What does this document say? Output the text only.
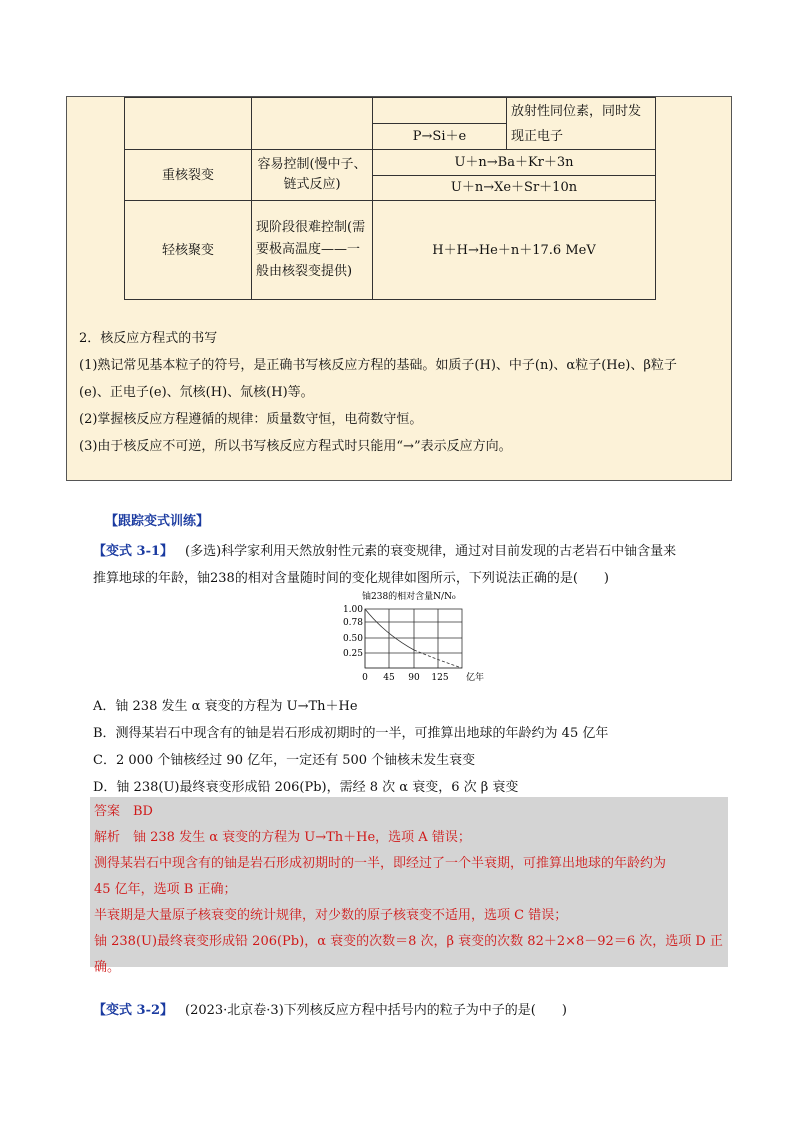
			放射性同位素，同时发
现正电子

		P→Si＋e	
重核裂变	容易控制(慢中子、链式反应)	U＋n→Ba＋Kr＋3n	
		U＋n→Xe＋Sr＋10n	
轻核聚变	现阶段很难控制(需要极高温度——一般由核裂变提供)	H＋H→He＋n＋17.6 MeV	
2．核反应方程式的书写
(1)熟记常见基本粒子的符号，是正确书写核反应方程的基础。如质子(H)、中子(n)、α粒子(He)、β粒子
(e)、正电子(e)、氘核(H)、氚核(H)等。
(2)掌握核反应方程遵循的规律：质量数守恒，电荷数守恒。
(3)由于核反应不可逆，所以书写核反应方程式时只能用“→”表示反应方向。
【跟踪变式训练】
【变式 3-1】 (多选)科学家利用天然放射性元素的衰变规律，通过对目前发现的古老岩石中铀含量来
推算地球的年龄，铀238的相对含量随时间的变化规律如图所示，下列说法正确的是(　　)
铀238的相对含量N/N₀
1.00
0.78
0.50
0.25
0 45 90 125 亿年
A．铀 238 发生 α 衰变的方程为 U→Th＋He
B．测得某岩石中现含有的铀是岩石形成初期时的一半，可推算出地球的年龄约为 45 亿年
C．2 000 个铀核经过 90 亿年，一定还有 500 个铀核未发生衰变
D．铀 238(U)最终衰变形成铅 206(Pb)，需经 8 次 α 衰变，6 次 β 衰变
答案　BD
解析　铀 238 发生 α 衰变的方程为 U→Th＋He，选项 A 错误；
测得某岩石中现含有的铀是岩石形成初期时的一半，即经过了一个半衰期，可推算出地球的年龄约为
45 亿年，选项 B 正确；
半衰期是大量原子核衰变的统计规律，对少数的原子核衰变不适用，选项 C 错误；
铀 238(U)最终衰变形成铅 206(Pb)，α 衰变的次数＝8 次，β 衰变的次数 82＋2×8－92＝6 次，选项 D 正
确。
【变式 3-2】 (2023·北京卷·3)下列核反应方程中括号内的粒子为中子的是(　　)
